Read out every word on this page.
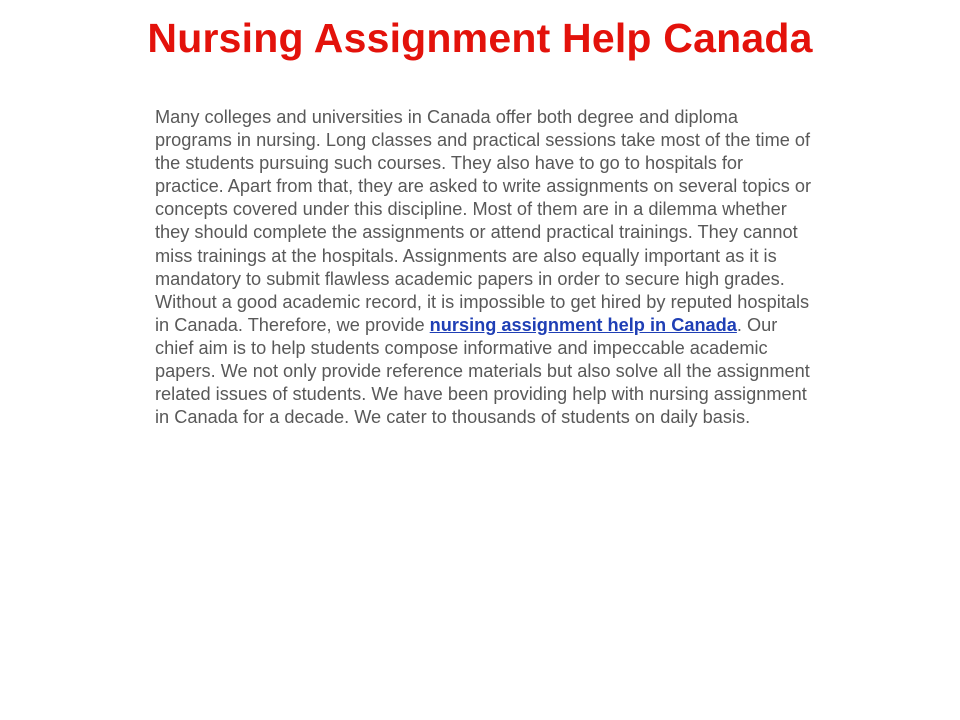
Nursing Assignment Help Canada

Many colleges and universities in Canada offer both degree and diploma programs in nursing. Long classes and practical sessions take most of the time of the students pursuing such courses. They also have to go to hospitals for practice. Apart from that, they are asked to write assignments on several topics or concepts covered under this discipline. Most of them are in a dilemma whether they should complete the assignments or attend practical trainings. They cannot miss trainings at the hospitals. Assignments are also equally important as it is mandatory to submit flawless academic papers in order to secure high grades. Without a good academic record, it is impossible to get hired by reputed hospitals in Canada. Therefore, we provide nursing assignment help in Canada. Our chief aim is to help students compose informative and impeccable academic papers. We not only provide reference materials but also solve all the assignment related issues of students. We have been providing help with nursing assignment in Canada for a decade. We cater to thousands of students on daily basis.
